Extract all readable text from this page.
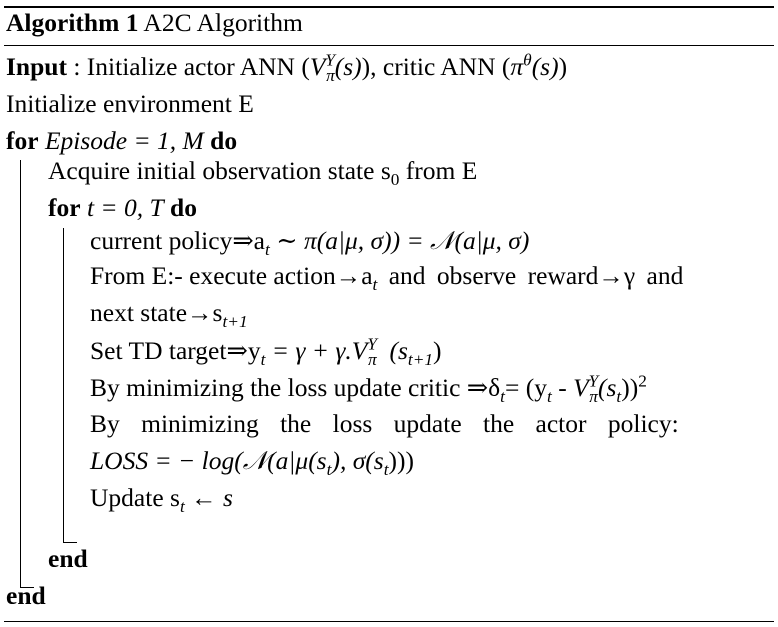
Algorithm 1 A2C Algorithm
Input : Initialize actor ANN $(V^Y_\pi(s))$, critic ANN $(\pi^\theta(s))$
Initialize environment E
for Episode = 1, M do
Acquire initial observation state $s_0$ from E
for t = 0, T do
current $policy\Rightarrow a_t$ ∼ π(a|μ, σ)) = 𝒩(a|μ, σ)
From E:- execute $action\to a_t$ and observe reward→γ and
next $state\to s_{t+1}$
Set TD $target\Rightarrow y_t = \gamma + \gamma.V^Y_\pi$ $(s_{t+1})$
By minimizing the loss update critic $\Rightarrow\delta_t= (y_t - V^Y_\pi(s_t))^2$
By minimizing the loss update the actor policy:
LOSS = − $\log(𝒩(a|\mu(s_t)$, $\sigma(s_t)$))
Update $s_t$ ← s
end
end
